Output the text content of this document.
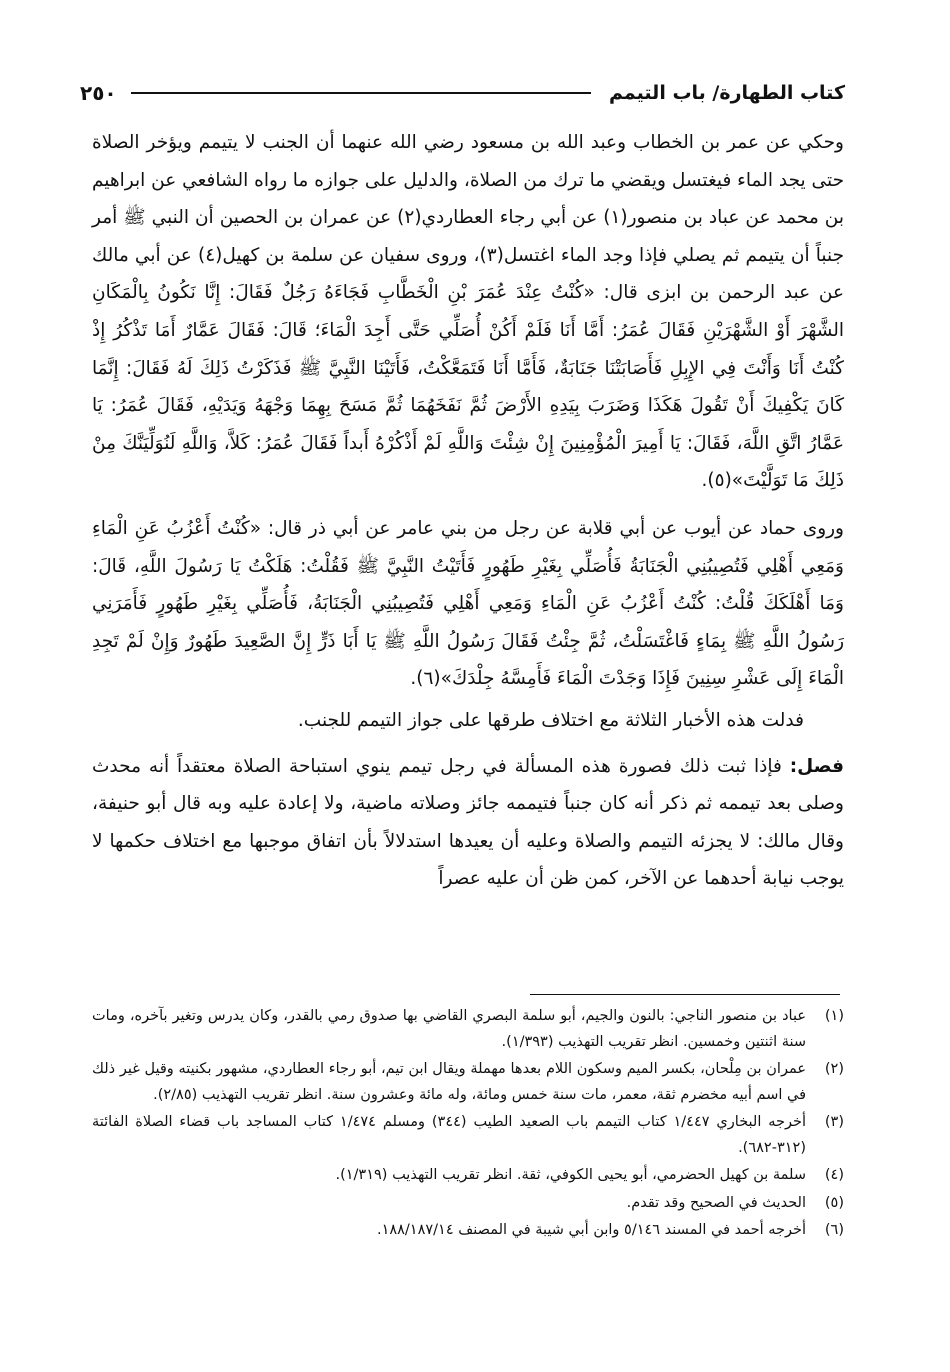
كتاب الطهارة/ باب التيمم
٢٥٠

وحكي عن عمر بن الخطاب وعبد الله بن مسعود رضي الله عنهما أن الجنب لا يتيمم ويؤخر الصلاة حتى يجد الماء فيغتسل ويقضي ما ترك من الصلاة، والدليل على جوازه ما رواه الشافعي عن ابراهيم بن محمد عن عباد بن منصور(١) عن أبي رجاء العطاردي(٢) عن عمران بن الحصين أن النبي ﷺ أمر جنباً أن يتيمم ثم يصلي فإذا وجد الماء اغتسل(٣)، وروى سفيان عن سلمة بن كهيل(٤) عن أبي مالك عن عبد الرحمن بن ابزى قال: «كُنْتُ عِنْدَ عُمَرَ بْنِ الْخَطَّابِ فَجَاءَهُ رَجُلٌ فَقَالَ: إِنَّا نَكُونُ بِالْمَكَانِ الشَّهْرَ أَوْ الشَّهْرَيْنِ فَقَالَ عُمَرُ: أَمَّا أَنَا فَلَمْ أَكُنْ أُصَلِّي حَتَّى أَجِدَ الْمَاءَ؛ قَالَ: فَقَالَ عَمَّارٌ أَمَا تَذْكُرُ إِذْ كُنْتُ أَنَا وَأَنْتَ فِي الإِبِلِ فَأَصَابَتْنَا جَنَابَةٌ، فَأَمَّا أَنَا فَتَمَعَّكْتُ، فَأَتَيْنَا النَّبِيَّ ﷺ فَذَكَرْتُ ذَلِكَ لَهُ فَقَالَ: إِنَّمَا كَانَ يَكْفِيكَ أَنْ تَقُولَ هَكَذَا وَضَرَبَ بِيَدِهِ الأَرْضَ ثُمَّ نَفَخَهُمَا ثُمَّ مَسَحَ بِهِمَا وَجْهَهُ وَيَدَيْهِ، فَقَالَ عُمَرُ: يَا عَمَّارُ اتَّقِ اللَّهَ، فَقَالَ: يَا أَمِيرَ الْمُؤْمِنِينَ إِنْ شِئْتَ وَاللَّهِ لَمْ أَذْكُرْهُ أَبداً فَقَالَ عُمَرُ: كَلاَّ، وَاللَّهِ لَنُوَلِّيَنَّكَ مِنْ ذَلِكَ مَا تَوَلَّيْتَ»(٥).

وروى حماد عن أيوب عن أبي قلابة عن رجل من بني عامر عن أبي ذر قال: «كُنْتُ أَعْزُبُ عَنِ الْمَاءِ وَمَعِي أَهْلِي فَتُصِيبُنِي الْجَنَابَةُ فَأُصَلِّي بِغَيْرِ طَهُورٍ فَأَتَيْتُ النَّبِيَّ ﷺ فَقُلْتُ: هَلَكْتُ يَا رَسُولَ اللَّهِ، قَالَ: وَمَا أَهْلَكَكَ قُلْتُ: كُنْتُ أَعْزُبُ عَنِ الْمَاءِ وَمَعِي أَهْلِي فَتُصِيبُنِي الْجَنَابَةُ، فَأُصَلِّي بِغَيْرِ طَهُورٍ فَأَمَرَنِي رَسُولُ اللَّهِ ﷺ بِمَاءٍ فَاغْتَسَلْتُ، ثُمَّ جِئْتُ فَقَالَ رَسُولُ اللَّهِ ﷺ يَا أَبَا ذَرٍّ إِنَّ الصَّعِيدَ طَهُورٌ وَإِنْ لَمْ تَجِدِ الْمَاءَ إِلَى عَشْرِ سِنِينَ فَإِذَا وَجَدْتَ الْمَاءَ فَأَمِسَّهُ جِلْدَكَ»(٦).

فدلت هذه الأخبار الثلاثة مع اختلاف طرقها على جواز التيمم للجنب.

فصل: فإذا ثبت ذلك فصورة هذه المسألة في رجل تيمم ينوي استباحة الصلاة معتقداً أنه محدث وصلى بعد تيممه ثم ذكر أنه كان جنباً فتيممه جائز وصلاته ماضية، ولا إعادة عليه وبه قال أبو حنيفة، وقال مالك: لا يجزئه التيمم والصلاة وعليه أن يعيدها استدلالاً بأن اتفاق موجبها مع اختلاف حكمها لا يوجب نيابة أحدهما عن الآخر، كمن ظن أن عليه عصراً

(١)
عباد بن منصور الناجي: بالنون والجيم، أبو سلمة البصري القاضي بها صدوق رمي بالقدر، وكان يدرس وتغير بآخره، ومات سنة اثنتين وخمسين. انظر تقريب التهذيب (١/٣٩٣).
(٢)
عمران بن مِلْحان، بكسر الميم وسكون اللام بعدها مهملة ويقال ابن تيم، أبو رجاء العطاردي، مشهور بكنيته وقيل غير ذلك في اسم أبيه مخضرم ثقة، معمر، مات سنة خمس ومائة، وله مائة وعشرون سنة. انظر تقريب التهذيب (٢/٨٥).
(٣)
أخرجه البخاري ١/٤٤٧ كتاب التيمم باب الصعيد الطيب (٣٤٤) ومسلم ١/٤٧٤ كتاب المساجد باب قضاء الصلاة الفائتة (٣١٢-٦٨٢).
(٤)
سلمة بن كهيل الحضرمي، أبو يحيى الكوفي، ثقة. انظر تقريب التهذيب (١/٣١٩).
(٥)
الحديث في الصحيح وقد تقدم.
(٦)
أخرجه أحمد في المسند ٥/١٤٦ وابن أبي شيبة في المصنف ١٨٨/١٨٧/١٤.
